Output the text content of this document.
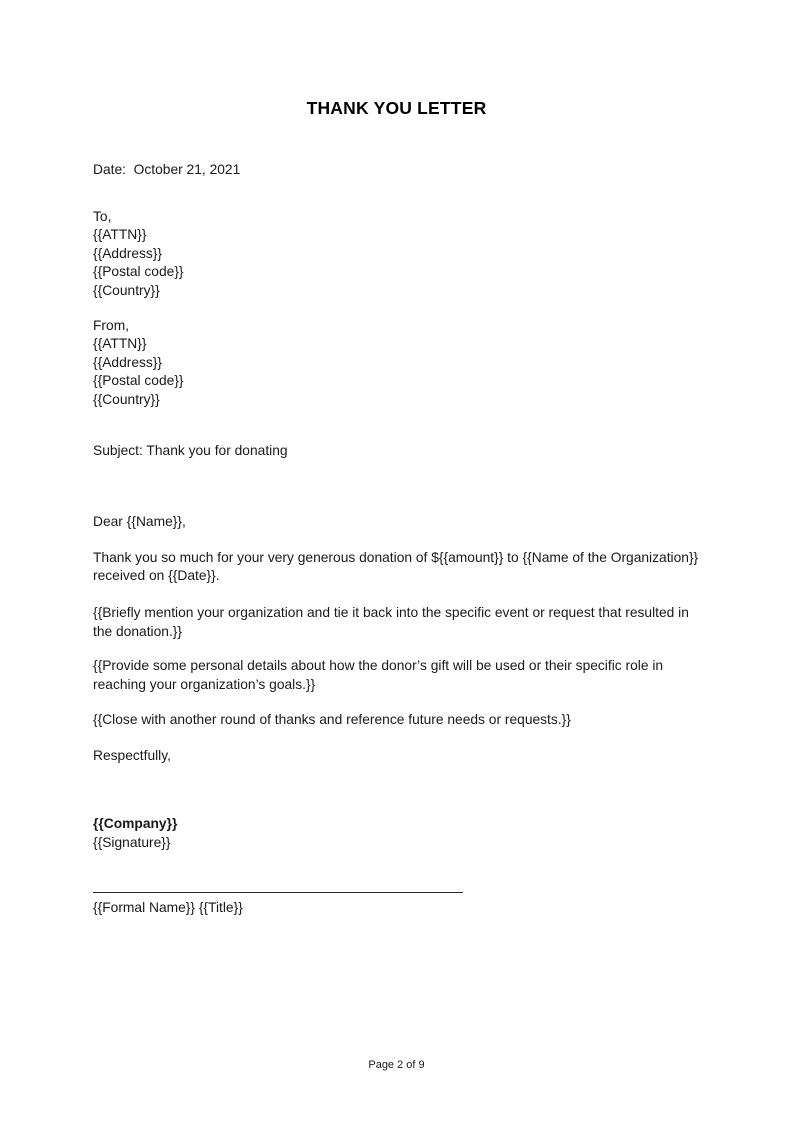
THANK YOU LETTER

Date:  October 21, 2021

To,

{{ATTN}}

{{Address}}

{{Postal code}}

{{Country}}

From,

{{ATTN}}

{{Address}}

{{Postal code}}

{{Country}}

Subject: Thank you for donating

Dear {{Name}},

Thank you so much for your very generous donation of ${{amount}} to {{Name of the Organization}} received on {{Date}}.

{{Briefly mention your organization and tie it back into the specific event or request that resulted in the donation.}}

{{Provide some personal details about how the donor’s gift will be used or their specific role in reaching your organization’s goals.}}

{{Close with another round of thanks and reference future needs or requests.}}

Respectfully,

{{Company}}

{{Signature}}

{{Formal Name}} {{Title}}

Page 2 of 9
